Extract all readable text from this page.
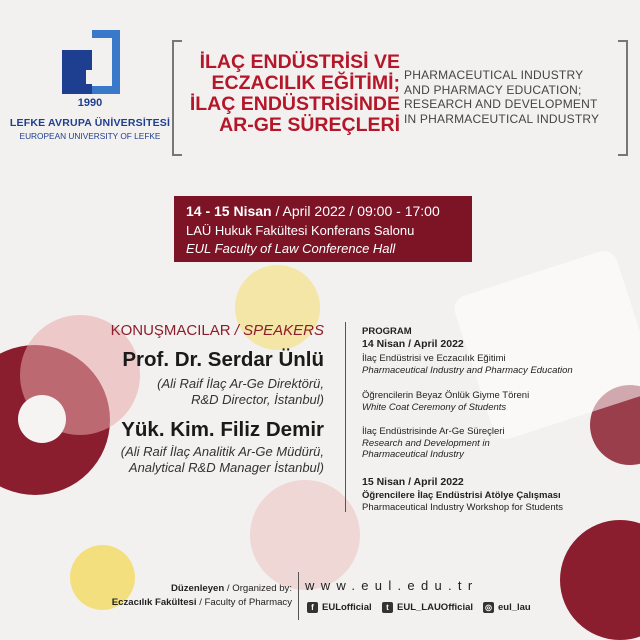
1990
LEFKE AVRUPA ÜNİVERSİTESİ
EUROPEAN UNIVERSITY OF LEFKE
İLAÇ ENDÜSTRİSİ VE
ECZACILIK EĞİTİMİ;
İLAÇ ENDÜSTRİSİNDE
AR-GE SÜREÇLERİ
PHARMACEUTICAL INDUSTRY
AND PHARMACY EDUCATION;
RESEARCH AND DEVELOPMENT
IN PHARMACEUTICAL INDUSTRY
14 - 15 Nisan / April 2022 / 09:00 - 17:00
LAÜ Hukuk Fakültesi Konferans Salonu
EUL Faculty of Law Conference Hall
KONUŞMACILAR / SPEAKERS
Prof. Dr. Serdar Ünlü
(Ali Raif İlaç Ar-Ge Direktörü,
R&D Director, İstanbul)
Yük. Kim. Filiz Demir
(Ali Raif İlaç Analitik Ar-Ge Müdürü,
Analytical R&D Manager İstanbul)
PROGRAM
14 Nisan / April 2022
İlaç Endüstrisi ve Eczacılık Eğitimi
Pharmaceutical Industry and Pharmacy Education
Öğrencilerin Beyaz Önlük Giyme Töreni
White Coat Ceremony of Students
İlaç Endüstrisinde Ar-Ge Süreçleri
Research and Development in
Pharmaceutical Industry
15 Nisan / April 2022
Öğrencilere İlaç Endüstrisi Atölye Çalışması
Pharmaceutical Industry Workshop for Students
Düzenleyen / Organized by:
Eczacılık Fakültesi / Faculty of Pharmacy
www.eul.edu.tr
f EULofficial	t EUL_LAUOfficial ◎ eul_lau
